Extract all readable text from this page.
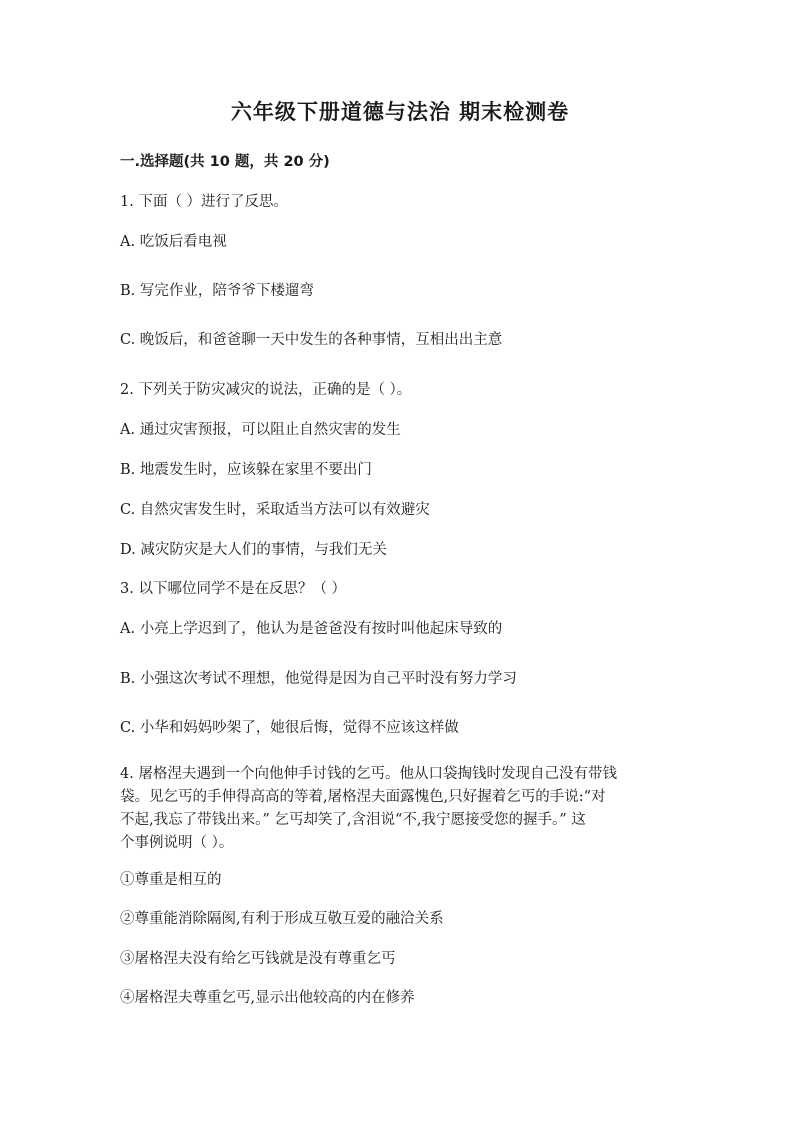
六年级下册道德与法治 期末检测卷
一.选择题(共 10 题，共 20 分)
1. 下面（ ）进行了反思。
A. 吃饭后看电视
B. 写完作业，陪爷爷下楼遛弯
C. 晚饭后，和爸爸聊一天中发生的各种事情，互相出出主意
2. 下列关于防灾减灾的说法，正确的是（ ）。
A. 通过灾害预报，可以阻止自然灾害的发生
B. 地震发生时，应该躲在家里不要出门
C. 自然灾害发生时，采取适当方法可以有效避灾
D. 减灾防灾是大人们的事情，与我们无关
3. 以下哪位同学不是在反思？（ ）
A. 小亮上学迟到了，他认为是爸爸没有按时叫他起床导致的
B. 小强这次考试不理想，他觉得是因为自己平时没有努力学习
C. 小华和妈妈吵架了，她很后悔，觉得不应该这样做
4. 屠格涅夫遇到一个向他伸手讨钱的乞丐。他从口袋掏钱时发现自己没有带钱
袋。见乞丐的手伸得高高的等着,屠格涅夫面露愧色,只好握着乞丐的手说:“对
不起,我忘了带钱出来。” 乞丐却笑了,含泪说“不,我宁愿接受您的握手。” 这
个事例说明（ ）。
①尊重是相互的
②尊重能消除隔阂,有利于形成互敬互爱的融洽关系
③屠格涅夫没有给乞丐钱就是没有尊重乞丐
④屠格涅夫尊重乞丐,显示出他较高的内在修养
